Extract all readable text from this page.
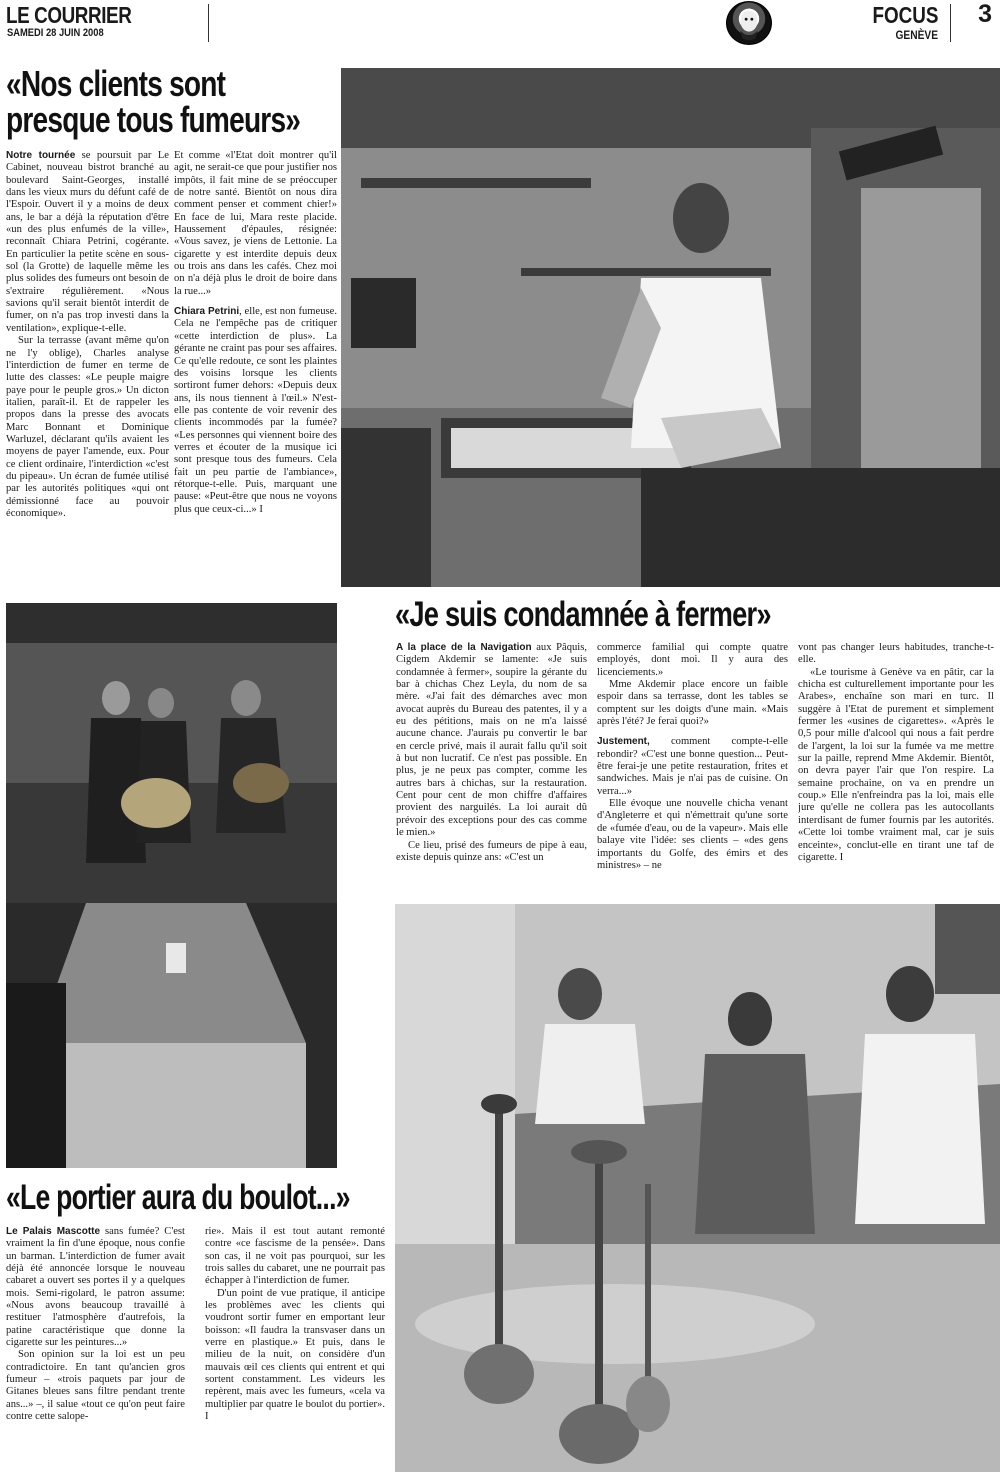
LE COURRIER
SAMEDI 28 JUIN 2008
FOCUS
GENÈVE
3
«Nos clients sont
presque tous fumeurs»

Notre tournée se poursuit par Le Cabinet, nouveau bistrot branché au boulevard Saint-Georges, installé dans les vieux murs du défunt café de l'Espoir. Ouvert il y a moins de deux ans, le bar a déjà la réputation d'être «un des plus enfumés de la ville», reconnaît Chiara Petrini, cogérante. En particulier la petite scène en sous-sol (la Grotte) de laquelle même les plus solides des fumeurs ont besoin de s'extraire régulièrement. «Nous savions qu'il serait bientôt interdit de fumer, on n'a pas trop investi dans la ventilation», explique-t-elle.

Sur la terrasse (avant même qu'on ne l'y oblige), Charles analyse l'interdiction de fumer en terme de lutte des classes: «Le peuple maigre paye pour le peuple gros.» Un dicton italien, paraît-il. Et de rappeler les propos dans la presse des avocats Marc Bonnant et Dominique Warluzel, déclarant qu'ils avaient les moyens de payer l'amende, eux. Pour ce client ordinaire, l'interdiction «c'est du pipeau». Un écran de fumée utilisé par les autorités politiques «qui ont démissionné face au pouvoir économique».

Et comme «l'Etat doit montrer qu'il agit, ne serait-ce que pour justifier nos impôts, il fait mine de se préoccuper de notre santé. Bientôt on nous dira comment penser et comment chier!» En face de lui, Mara reste placide. Haussement d'épaules, résignée: «Vous savez, je viens de Lettonie. La cigarette y est interdite depuis deux ou trois ans dans les cafés. Chez moi on n'a déjà plus le droit de boire dans la rue...»

Chiara Petrini, elle, est non fumeuse. Cela ne l'empêche pas de critiquer «cette interdiction de plus». La gérante ne craint pas pour ses affaires. Ce qu'elle redoute, ce sont les plaintes des voisins lorsque les clients sortiront fumer dehors: «Depuis deux ans, ils nous tiennent à l'œil.» N'est-elle pas contente de voir revenir des clients incommodés par la fumée? «Les personnes qui viennent boire des verres et écouter de la musique ici sont presque tous des fumeurs. Cela fait un peu partie de l'ambiance», rétorque-t-elle. Puis, marquant une pause: «Peut-être que nous ne voyons plus que ceux-ci...» I

«Je suis condamnée à fermer»

A la place de la Navigation aux Pâquis, Cigdem Akdemir se lamente: «Je suis condamnée à fermer», soupire la gérante du bar à chichas Chez Leyla, du nom de sa mère. «J'ai fait des démarches avec mon avocat auprès du Bureau des patentes, il y a eu des pétitions, mais on ne m'a laissé aucune chance. J'aurais pu convertir le bar en cercle privé, mais il aurait fallu qu'il soit à but non lucratif. Ce n'est pas possible. En plus, je ne peux pas compter, comme les autres bars à chichas, sur la restauration. Cent pour cent de mon chiffre d'affaires provient des narguilés. La loi aurait dû prévoir des exceptions pour des cas comme le mien.»

Ce lieu, prisé des fumeurs de pipe à eau, existe depuis quinze ans: «C'est un

commerce familial qui compte quatre employés, dont moi. Il y aura des licenciements.»

Mme Akdemir place encore un faible espoir dans sa terrasse, dont les tables se comptent sur les doigts d'une main. «Mais après l'été? Je ferai quoi?»

Justement, comment compte-t-elle rebondir? «C'est une bonne question... Peut-être ferai-je une petite restauration, frites et sandwiches. Mais je n'ai pas de cuisine. On verra...»

Elle évoque une nouvelle chicha venant d'Angleterre et qui n'émettrait qu'une sorte de «fumée d'eau, ou de la vapeur». Mais elle balaye vite l'idée: ses clients – «des gens importants du Golfe, des émirs et des ministres» – ne

vont pas changer leurs habitudes, tranche-t-elle.

«Le tourisme à Genève va en pâtir, car la chicha est culturellement importante pour les Arabes», enchaîne son mari en turc. Il suggère à l'Etat de purement et simplement fermer les «usines de cigarettes». «Après le 0,5 pour mille d'alcool qui nous a fait perdre de l'argent, la loi sur la fumée va me mettre sur la paille, reprend Mme Akdemir. Bientôt, on devra payer l'air que l'on respire. La semaine prochaine, on va en prendre un coup.» Elle n'enfreindra pas la loi, mais elle jure qu'elle ne collera pas les autocollants interdisant de fumer fournis par les autorités. «Cette loi tombe vraiment mal, car je suis enceinte», conclut-elle en tirant une taf de cigarette. I

«Le portier aura du boulot...»

Le Palais Mascotte sans fumée? C'est vraiment la fin d'une époque, nous confie un barman. L'interdiction de fumer avait déjà été annoncée lorsque le nouveau cabaret a ouvert ses portes il y a quelques mois. Semi-rigolard, le patron assume: «Nous avons beaucoup travaillé à restituer l'atmosphère d'autrefois, la patine caractéristique que donne la cigarette sur les peintures...»

Son opinion sur la loi est un peu contradictoire. En tant qu'ancien gros fumeur – «trois paquets par jour de Gitanes bleues sans filtre pendant trente ans...» –, il salue «tout ce qu'on peut faire contre cette salope-

rie». Mais il est tout autant remonté contre «ce fascisme de la pensée». Dans son cas, il ne voit pas pourquoi, sur les trois salles du cabaret, une ne pourrait pas échapper à l'interdiction de fumer.

D'un point de vue pratique, il anticipe les problèmes avec les clients qui voudront sortir fumer en emportant leur boisson: «Il faudra la transvaser dans un verre en plastique.» Et puis, dans le milieu de la nuit, on considère d'un mauvais œil ces clients qui entrent et qui sortent constamment. Les videurs les repèrent, mais avec les fumeurs, «cela va multiplier par quatre le boulot du portier». I
